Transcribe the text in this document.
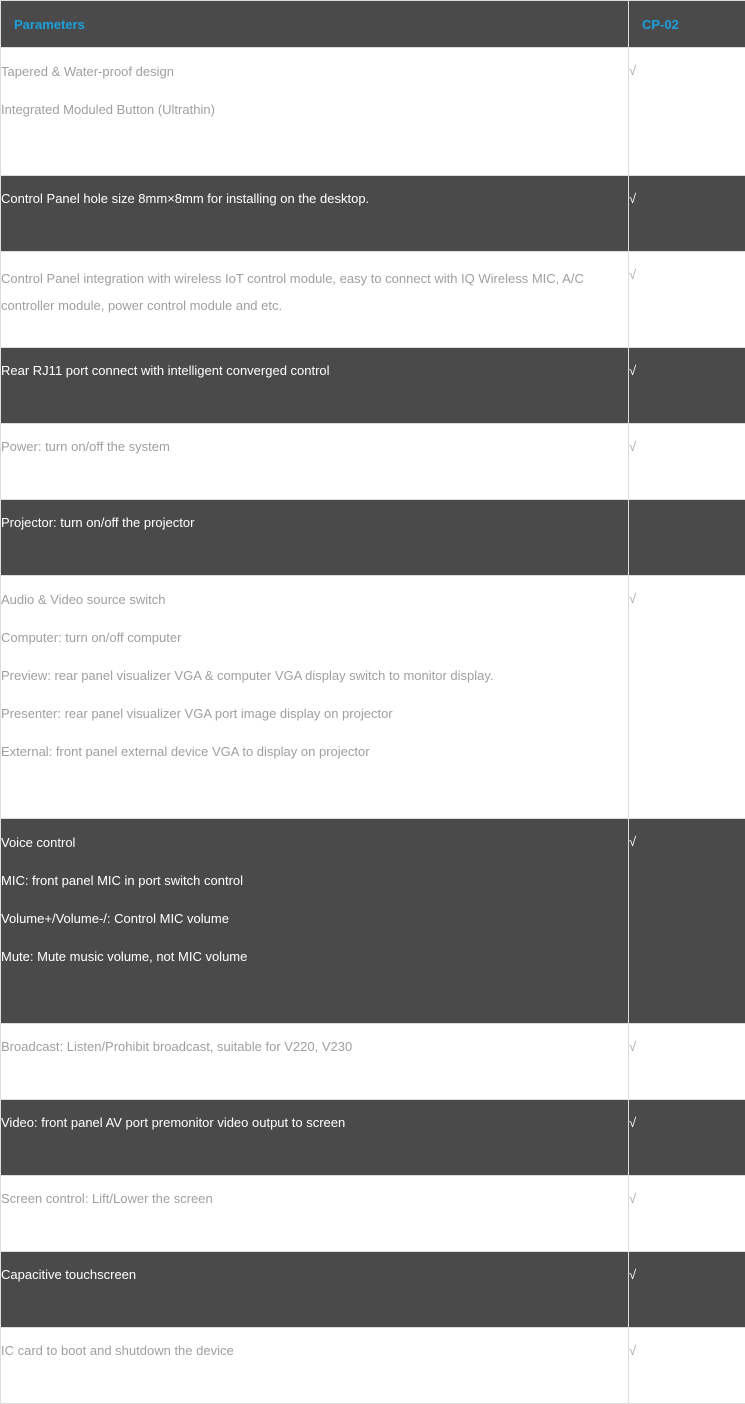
Parameters	CP-02

Tapered & Water-proof design
Integrated Moduled Button (Ultrathin)	√

Control Panel hole size 8mm×8mm for installing on the desktop.	√
Control Panel integration with wireless IoT control module, easy to connect with IQ Wireless MIC, A/C controller module, power control module and etc.	√

Rear RJ11 port connect with intelligent converged control	√

Power: turn on/off the system	√

Projector: turn on/off the projector	

Audio & Video source switch
Computer: turn on/off computer
Preview: rear panel visualizer VGA & computer VGA display switch to monitor display.
Presenter: rear panel visualizer VGA port image display on projector
External: front panel external device VGA to display on projector	√

Voice control
MIC: front panel MIC in port switch control
Volume+/Volume-/: Control MIC volume
Mute: Mute music volume, not MIC volume	√

Broadcast: Listen/Prohibit broadcast, suitable for V220, V230	√

Video: front panel AV port premonitor video output to screen	√

Screen control: Lift/Lower the screen	√

Capacitive touchscreen	√

IC card to boot and shutdown the device	√
